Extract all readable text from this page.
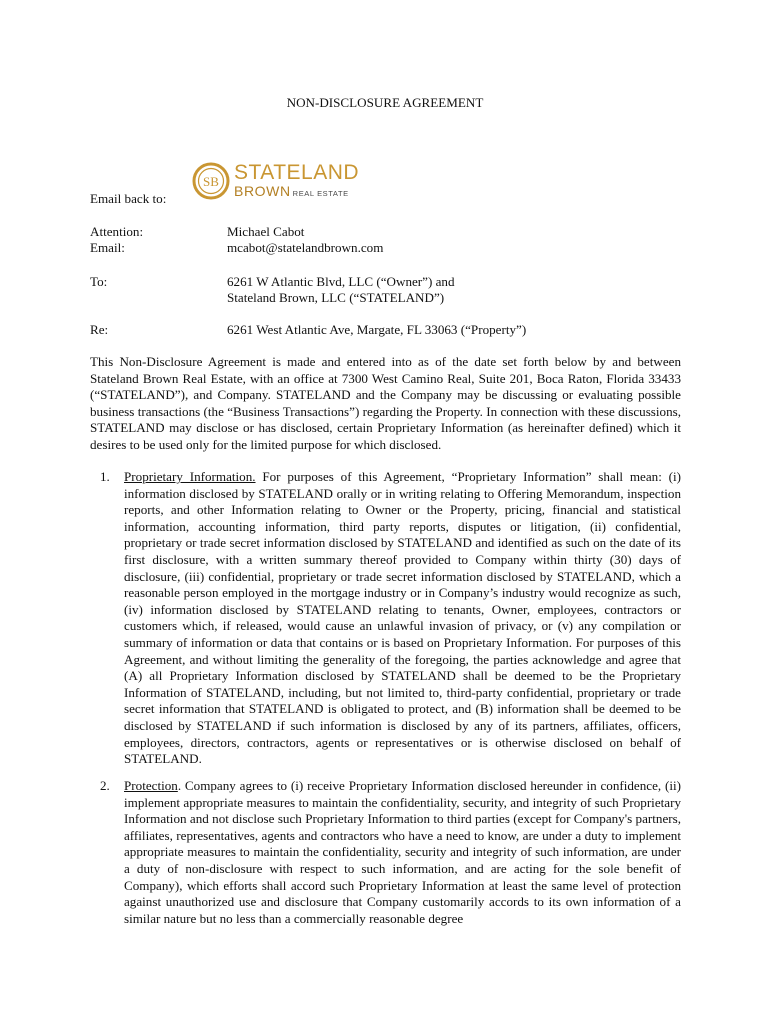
NON-DISCLOSURE AGREEMENT
SB STATELAND
BROWN REAL ESTATE
Email back to:
Attention:	Michael Cabot
Email:	mcabot@statelandbrown.com
To:	6261 W Atlantic Blvd, LLC (“Owner”) and
Stateland Brown, LLC (“STATELAND”)
Re:	6261 West Atlantic Ave, Margate, FL 33063 (“Property”)

This Non-Disclosure Agreement is made and entered into as of the date set forth below by and between Stateland Brown Real Estate, with an office at 7300 West Camino Real, Suite 201, Boca Raton, Florida 33433 (“STATELAND”), and Company. STATELAND and the Company may be discussing or evaluating possible business transactions (the “Business Transactions”) regarding the Property. In connection with these discussions, STATELAND may disclose or has disclosed, certain Proprietary Information (as hereinafter defined) which it desires to be used only for the limited purpose for which disclosed.

1. Proprietary Information. For purposes of this Agreement, “Proprietary Information” shall mean: (i) information disclosed by STATELAND orally or in writing relating to Offering Memorandum, inspection reports, and other Information relating to Owner or the Property, pricing, financial and statistical information, accounting information, third party reports, disputes or litigation, (ii) confidential, proprietary or trade secret information disclosed by STATELAND and identified as such on the date of its first disclosure, with a written summary thereof provided to Company within thirty (30) days of disclosure, (iii) confidential, proprietary or trade secret information disclosed by STATELAND, which a reasonable person employed in the mortgage industry or in Company’s industry would recognize as such, (iv) information disclosed by STATELAND relating to tenants, Owner, employees, contractors or customers which, if released, would cause an unlawful invasion of privacy, or (v) any compilation or summary of information or data that contains or is based on Proprietary Information. For purposes of this Agreement, and without limiting the generality of the foregoing, the parties acknowledge and agree that (A) all Proprietary Information disclosed by STATELAND shall be deemed to be the Proprietary Information of STATELAND, including, but not limited to, third-party confidential, proprietary or trade secret information that STATELAND is obligated to protect, and (B) information shall be deemed to be disclosed by STATELAND if such information is disclosed by any of its partners, affiliates, officers, employees, directors, contractors, agents or representatives or is otherwise disclosed on behalf of STATELAND.
2. Protection. Company agrees to (i) receive Proprietary Information disclosed hereunder in confidence, (ii) implement appropriate measures to maintain the confidentiality, security, and integrity of such Proprietary Information and not disclose such Proprietary Information to third parties (except for Company's partners, affiliates, representatives, agents and contractors who have a need to know, are under a duty to implement appropriate measures to maintain the confidentiality, security and integrity of such information, are under a duty of non-disclosure with respect to such information, and are acting for the sole benefit of Company), which efforts shall accord such Proprietary Information at least the same level of protection against unauthorized use and disclosure that Company customarily accords to its own information of a similar nature but no less than a commercially reasonable degree
